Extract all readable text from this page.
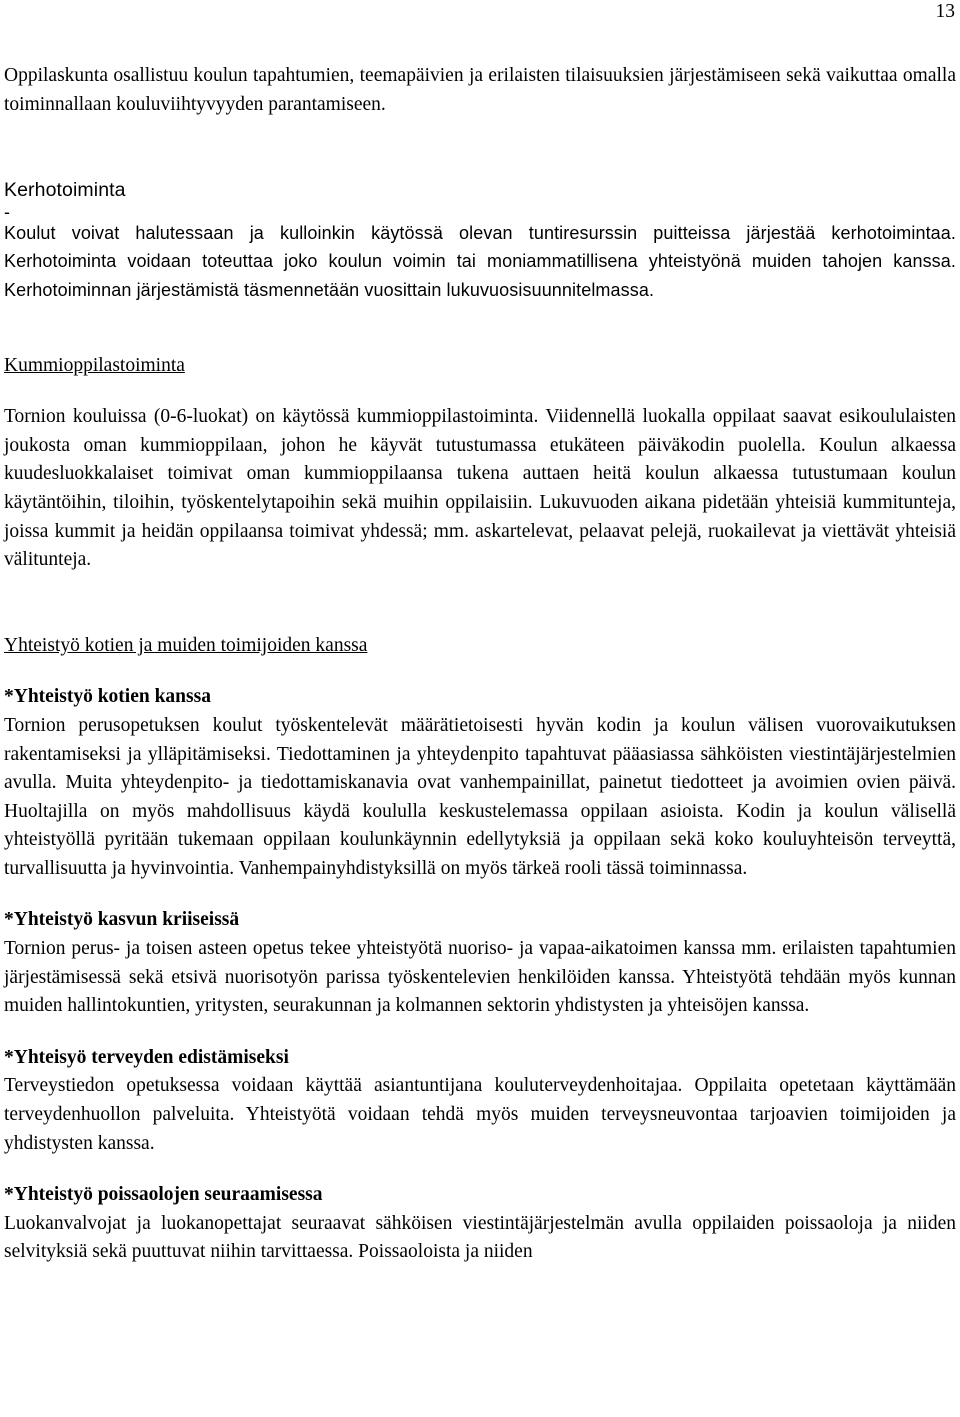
13

Oppilaskunta osallistuu koulun tapahtumien, teemapäivien ja erilaisten tilaisuuksien järjestämiseen sekä vaikuttaa omalla toiminnallaan kouluviihtyvyyden parantamiseen.

Kerhotoiminta
-

Koulut voivat halutessaan ja kulloinkin käytössä olevan tuntiresurssin puitteissa järjestää kerhotoimintaa. Kerhotoiminta voidaan toteuttaa joko koulun voimin tai moniammatillisena yhteistyönä muiden tahojen kanssa. Kerhotoiminnan järjestämistä täsmennetään vuosittain lukuvuosisuunnitelmassa.

Kummioppilastoiminta

Tornion kouluissa (0-6-luokat) on käytössä kummioppilastoiminta. Viidennellä luokalla oppilaat saavat esikoululaisten joukosta oman kummioppilaan, johon he käyvät tutustumassa etukäteen päiväkodin puolella. Koulun alkaessa kuudesluokkalaiset toimivat oman kummioppilaansa tukena auttaen heitä koulun alkaessa tutustumaan koulun käytäntöihin, tiloihin, työskentelytapoihin sekä muihin oppilaisiin. Lukuvuoden aikana pidetään yhteisiä kummitunteja, joissa kummit ja heidän oppilaansa toimivat yhdessä; mm. askartelevat, pelaavat pelejä, ruokailevat ja viettävät yhteisiä välitunteja.

Yhteistyö kotien ja muiden toimijoiden kanssa
*Yhteistyö kotien kanssa

Tornion perusopetuksen koulut työskentelevät määrätietoisesti hyvän kodin ja koulun välisen vuorovaikutuksen rakentamiseksi ja ylläpitämiseksi. Tiedottaminen ja yhteydenpito tapahtuvat pääasiassa sähköisten viestintäjärjestelmien avulla. Muita yhteydenpito- ja tiedottamiskanavia ovat vanhempainillat, painetut tiedotteet ja avoimien ovien päivä. Huoltajilla on myös mahdollisuus käydä koululla keskustelemassa oppilaan asioista. Kodin ja koulun välisellä yhteistyöllä pyritään tukemaan oppilaan koulunkäynnin edellytyksiä ja oppilaan sekä koko kouluyhteisön terveyttä, turvallisuutta ja hyvinvointia. Vanhempainyhdistyksillä on myös tärkeä rooli tässä toiminnassa.

*Yhteistyö kasvun kriiseissä

Tornion perus- ja toisen asteen opetus tekee yhteistyötä nuoriso- ja vapaa-aikatoimen kanssa mm. erilaisten tapahtumien järjestämisessä sekä etsivä nuorisotyön parissa työskentelevien henkilöiden kanssa. Yhteistyötä tehdään myös kunnan muiden hallintokuntien, yritysten, seurakunnan ja kolmannen sektorin yhdistysten ja yhteisöjen kanssa.

*Yhteisyö terveyden edistämiseksi

Terveystiedon opetuksessa voidaan käyttää asiantuntijana kouluterveydenhoitajaa. Oppilaita opetetaan käyttämään terveydenhuollon palveluita. Yhteistyötä voidaan tehdä myös muiden terveysneuvontaa tarjoavien toimijoiden ja yhdistysten kanssa.

*Yhteistyö poissaolojen seuraamisessa

Luokanvalvojat ja luokanopettajat seuraavat sähköisen viestintäjärjestelmän avulla oppilaiden poissaoloja ja niiden selvityksiä sekä puuttuvat niihin tarvittaessa. Poissaoloista ja niiden
